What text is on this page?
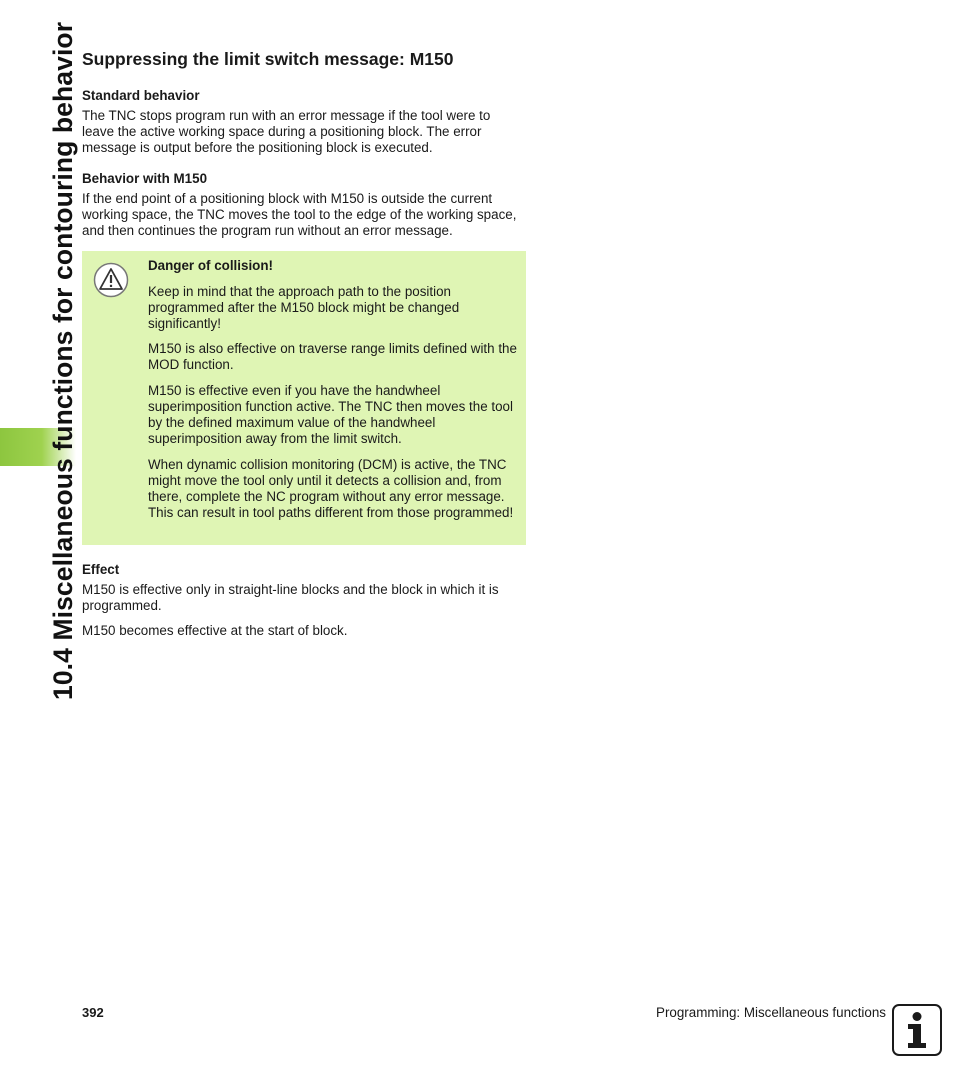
10.4 Miscellaneous functions for contouring behavior Suppressing the limit switch message: M150
Standard behavior

The TNC stops program run with an error message if the tool were to leave the active working space during a positioning block. The error message is output before the positioning block is executed.

Behavior with M150

If the end point of a positioning block with M150 is outside the current working space, the TNC moves the tool to the edge of the working space, and then continues the program run without an error message.

Danger of collision!

Keep in mind that the approach path to the position programmed after the M150 block might be changed significantly!

M150 is also effective on traverse range limits defined with the MOD function.

M150 is effective even if you have the handwheel superimposition function active. The TNC then moves the tool by the defined maximum value of the handwheel superimposition away from the limit switch.

When dynamic collision monitoring (DCM) is active, the TNC might move the tool only until it detects a collision and, from there, complete the NC program without any error message. This can result in tool paths different from those programmed!

Effect

M150 is effective only in straight-line blocks and the block in which it is programmed.

M150 becomes effective at the start of block.

392	Programming: Miscellaneous functions
